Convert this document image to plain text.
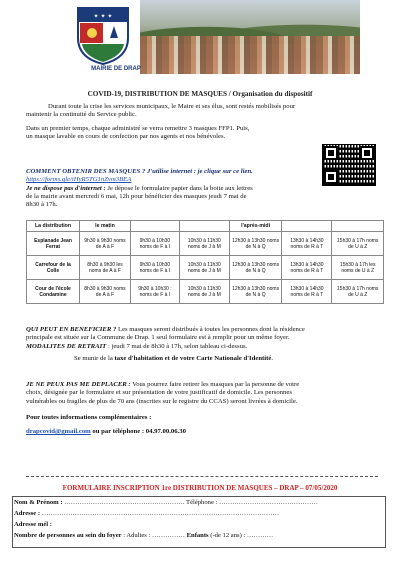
✦ ✦ ✦
MAIRIE DE DRAP
COVID-19, DISTRIBUTION DE MASQUES / Organisation du dispositif
Durant toute la crise les services municipaux, le Maire et ses élus, sont restés mobilisés pour
maintenir la continuité du Service public.
Dans un premier temps, chaque administré se verra remettre 3 masques FFP1. Puis,
un masque lavable en cours de confection par nos agents et nos bénévoles.
COMMENT OBTENIR DES MASQUES ? J'utilise internet : je clique sur ce lien.
https://forms.gle/iHyR5TG1nZvm3BEA
Je ne dispose pas d'internet : Je dépose le formulaire papier dans la boite aux lettres
de la mairie avant mercredi 6 mai, 12h pour bénéficier des masques jeudi 7 mai de
8h30 à 17h.
La distribution	le matin			l'après-midi		
Esplanade Jean Ferrat	9h30 à 9h30 noms de A à F	9h30 à 10h30 noms de F à I	10h30 à 11h30 noms de J à M	12h30 à 13h30 noms de N à Q	13h30 à 14h30 noms de R à T	15h30 à 17h noms de U à Z
Carrefour de la Colle	8h30 à 9h30 les noms de A à F	9h30 à 10h30 noms de F à I	10h30 à 11h30 noms de J à M	12h30 à 13h30 noms de N à Q	13h30 à 14h30 noms de R à T	15h30 à 17h les noms de U à Z
Cour de l'école Condamine	8h30 à 9h30 noms de A à F	9h30 à 10h30 : noms de F à I	10h30 à 11h30 noms de J à M	12h30 à 13h30 noms de N à Q	13h30 à 14h30 noms de R à T	15h30 à 17h noms de U à Z
QUI PEUT EN BENEFICIER ? Les masques seront distribués à toutes les personnes dont la résidence
principale est située sur la Commune de Drap. 1 seul formulaire est à remplir pour un même foyer.
MODALITES DE RETRAIT : jeudi 7 mai de 8h30 à 17h, selon tableau ci-dessus.
Se munir de la taxe d'habitation et de votre Carte Nationale d'Identité.
JE NE PEUX PAS ME DEPLACER : Vous pourrez faire retirer les masques par la personne de votre
choix, désignée par le formulaire et sur présentation de votre justificatif de domicile. Les personnes
vulnérables ou fragiles de plus de 70 ans (inscrites sur le registre du CCAS) seront livrées à domicile.
Pour toutes informations complémentaires :
drapcovid@gmail.com ou par téléphone : 04.97.00.06.30
FORMULAIRE INSCRIPTION 1re DISTRIBUTION DE MASQUES – DRAP – 07/05/2020
Nom & Prénom : ………………………………………………. Téléphone : ………………………………………
Adresse : ………………………………………………………………………………………………
Adresse mél :
Nombre de personnes au sein du foyer : Adultes : …………… Enfants (-de 12 ans) : …………
